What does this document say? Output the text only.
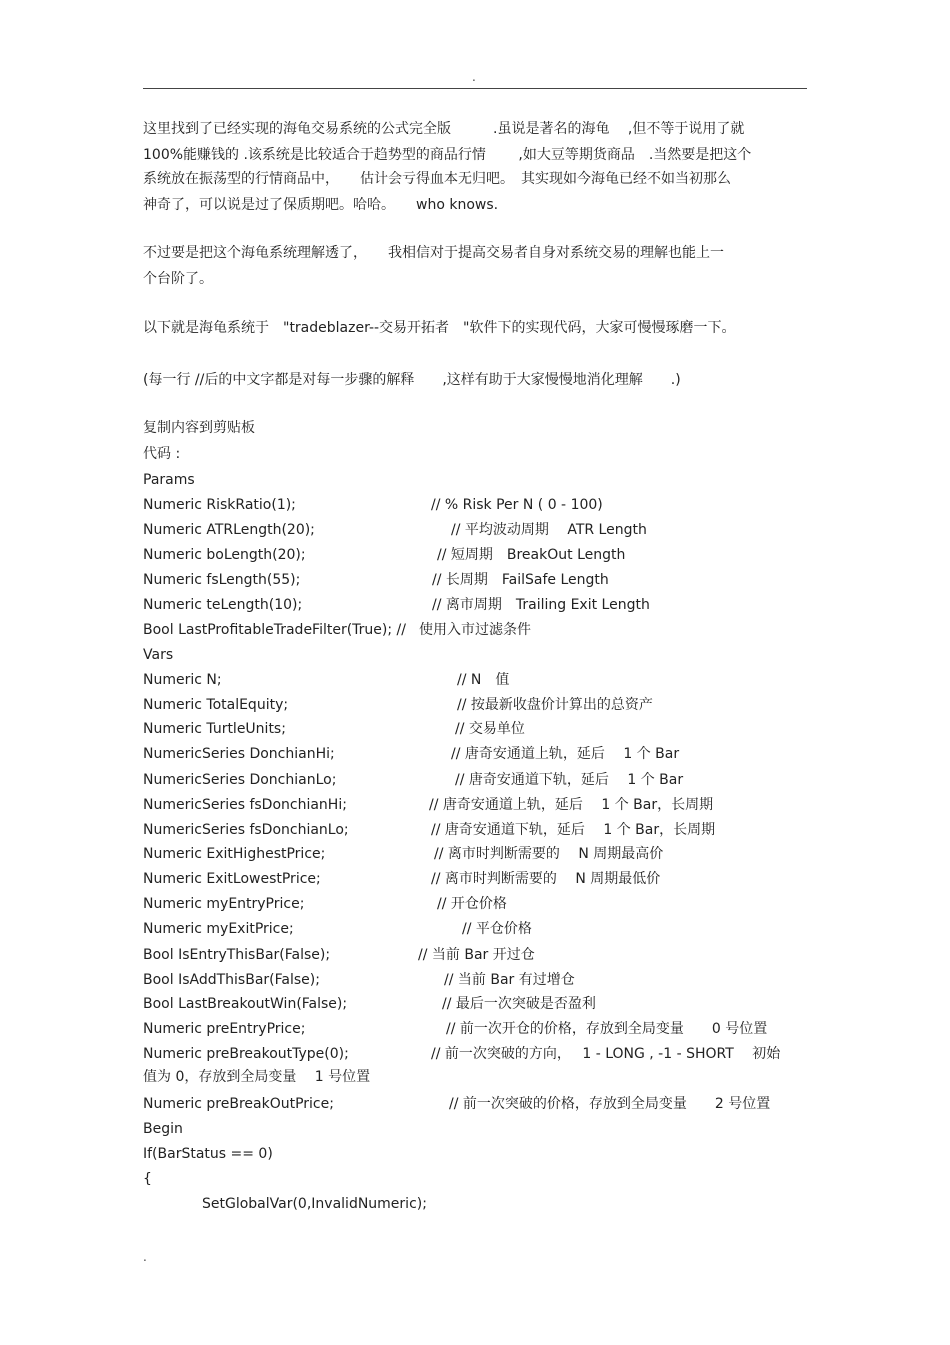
.
这里找到了已经实现的海龟交易系统的公式完全版　　　.虽说是著名的海龟　 ,但不等于说用了就
100%能赚钱的 .该系统是比较适合于趋势型的商品行情　　 ,如大豆等期货商品　.当然要是把这个
系统放在振荡型的行情商品中，　　估计会亏得血本无归吧。　其实现如今海龟已经不如当初那么
神奇了，可以说是过了保质期吧。哈哈。　　who knows.
不过要是把这个海龟系统理解透了，　　我相信对于提高交易者自身对系统交易的理解也能上一
个台阶了。
以下就是海龟系统于　"tradeblazer--交易开拓者　"软件下的实现代码，大家可慢慢琢磨一下。
(每一行 //后的中文字都是对每一步骤的解释　　,这样有助于大家慢慢地消化理解　　.)
复制内容到剪贴板
代码 :
Params
Numeric RiskRatio(1);	// % Risk Per N ( 0 - 100)
Numeric ATRLength(20);	// 平均波动周期　 ATR Length
Numeric boLength(20);	// 短周期　BreakOut Length
Numeric fsLength(55);	// 长周期　FailSafe Length
Numeric teLength(10);	// 离市周期　Trailing Exit Length
Bool LastProfitableTradeFilter(True); // 使用入市过滤条件
Vars
Numeric N;	// N　值
Numeric TotalEquity;	// 按最新收盘价计算出的总资产
Numeric TurtleUnits;	// 交易单位
NumericSeries DonchianHi;	// 唐奇安通道上轨，延后　 1 个 Bar
NumericSeries DonchianLo;	// 唐奇安通道下轨，延后　 1 个 Bar
NumericSeries fsDonchianHi;	// 唐奇安通道上轨，延后　 1 个 Bar，长周期
NumericSeries fsDonchianLo;	// 唐奇安通道下轨，延后　 1 个 Bar，长周期
Numeric ExitHighestPrice;	// 离市时判断需要的　 N 周期最高价
Numeric ExitLowestPrice;	// 离市时判断需要的　 N 周期最低价
Numeric myEntryPrice;	// 开仓价格
Numeric myExitPrice;	// 平仓价格
Bool IsEntryThisBar(False);	// 当前 Bar 开过仓
Bool IsAddThisBar(False);	// 当前 Bar 有过增仓
Bool LastBreakoutWin(False);	// 最后一次突破是否盈利
Numeric preEntryPrice;	// 前一次开仓的价格，存放到全局变量　　0 号位置
Numeric preBreakoutType(0);	// 前一次突破的方向，　 1 - LONG , -1 - SHORT　 初始
值为 0，存放到全局变量　 1 号位置
Numeric preBreakOutPrice;	// 前一次突破的价格，存放到全局变量　　2 号位置
Begin
If(BarStatus == 0)
{
SetGlobalVar(0,InvalidNumeric);
.
